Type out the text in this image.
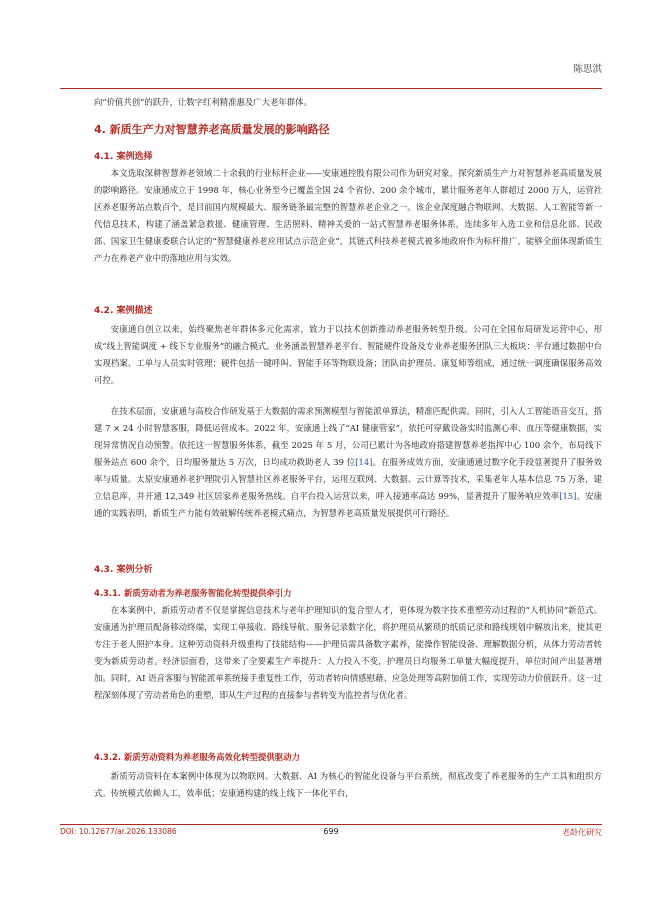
陈思淇

向“价值共创”的跃升，让数字红利精准惠及广大老年群体。

4. 新质生产力对智慧养老高质量发展的影响路径
4.1. 案例选择

本文选取深耕智慧养老领域二十余载的行业标杆企业——安康通控股有限公司作为研究对象，探究新质生产力对智慧养老高质量发展的影响路径。安康通成立于 1998 年，核心业务至今已覆盖全国 24 个省份、200 余个城市，累计服务老年人群超过 2000 万人，运营社区养老服务站点数百个，是目前国内规模最大、服务链条最完整的智慧养老企业之一。该企业深度融合物联网、大数据、人工智能等新一代信息技术，构建了涵盖紧急救援、健康管理、生活照料、精神关爱的一站式智慧养老服务体系，连续多年入选工业和信息化部、民政部、国家卫生健康委联合认定的“智慧健康养老应用试点示范企业”，其链式科技养老模式被多地政府作为标杆推广，能够全面体现新质生产力在养老产业中的落地应用与实效。

4.2. 案例描述

安康通自创立以来，始终聚焦老年群体多元化需求，致力于以技术创新推动养老服务转型升级。公司在全国布局研发运营中心，形成“线上智能调度 + 线下专业服务”的融合模式。业务涵盖智慧养老平台、智能硬件设备及专业养老服务团队三大板块：平台通过数据中台实现档案、工单与人员实时管理；硬件包括一键呼叫、智能手环等物联设备；团队由护理员、康复师等组成，通过统一调度确保服务高效可控。

在技术层面，安康通与高校合作研发基于大数据的需求预测模型与智能派单算法，精准匹配供需。同时，引入人工智能语音交互，搭建 7 × 24 小时智慧客服，降低运营成本。2022 年，安康通上线了“AI 健康管家”，依托可穿戴设备实时监测心率、血压等健康数据，实现异常情况自动预警。依托这一智慧服务体系，截至 2025 年 5 月，公司已累计为各地政府搭建智慧养老指挥中心 100 余个，布局线下服务站点 600 余个，日均服务量达 5 万次，日均成功救助老人 39 位[14]。在服务成效方面，安康通通过数字化手段显著提升了服务效率与质量。太原安康通养老护理院引入智慧社区养老服务平台，运用互联网、大数据、云计算等技术，采集老年人基本信息 75 万条，建立信息库，并开通 12,349 社区居家养老服务热线。自平台投入运营以来，呼入接通率高达 99%，显著提升了服务响应效率[15]。安康通的实践表明，新质生产力能有效破解传统养老模式痛点，为智慧养老高质量发展提供可行路径。

4.3. 案例分析
4.3.1. 新质劳动者为养老服务智能化转型提供牵引力

在本案例中，新质劳动者不仅是掌握信息技术与老年护理知识的复合型人才，更体现为数字技术重塑劳动过程的“人机协同”新范式。安康通为护理员配备移动终端，实现工单接收、路线导航、服务记录数字化，将护理员从繁琐的纸质记录和路线规划中解放出来，使其更专注于老人照护本身。这种劳动资料升级重构了技能结构——护理员需具备数字素养，能操作智能设备、理解数据分析，从体力劳动者转变为新质劳动者。经济层面看，这带来了全要素生产率提升：人力投入不变，护理员日均服务工单量大幅度提升，单位时间产出显著增加。同时，AI 语音客服与智能派单系统接手重复性工作，劳动者转向情感慰藉、应急处理等高附加值工作，实现劳动力价值跃升。这一过程深刻体现了劳动者角色的重塑，即从生产过程的直接参与者转变为监控者与优化者。

4.3.2. 新质劳动资料为养老服务高效化转型提供驱动力

新质劳动资料在本案例中体现为以物联网、大数据、AI 为核心的智能化设备与平台系统，彻底改变了养老服务的生产工具和组织方式。传统模式依赖人工，效率低；安康通构建的线上线下一体化平台，

DOI: 10.12677/ar.2026.133086	699	老龄化研究
